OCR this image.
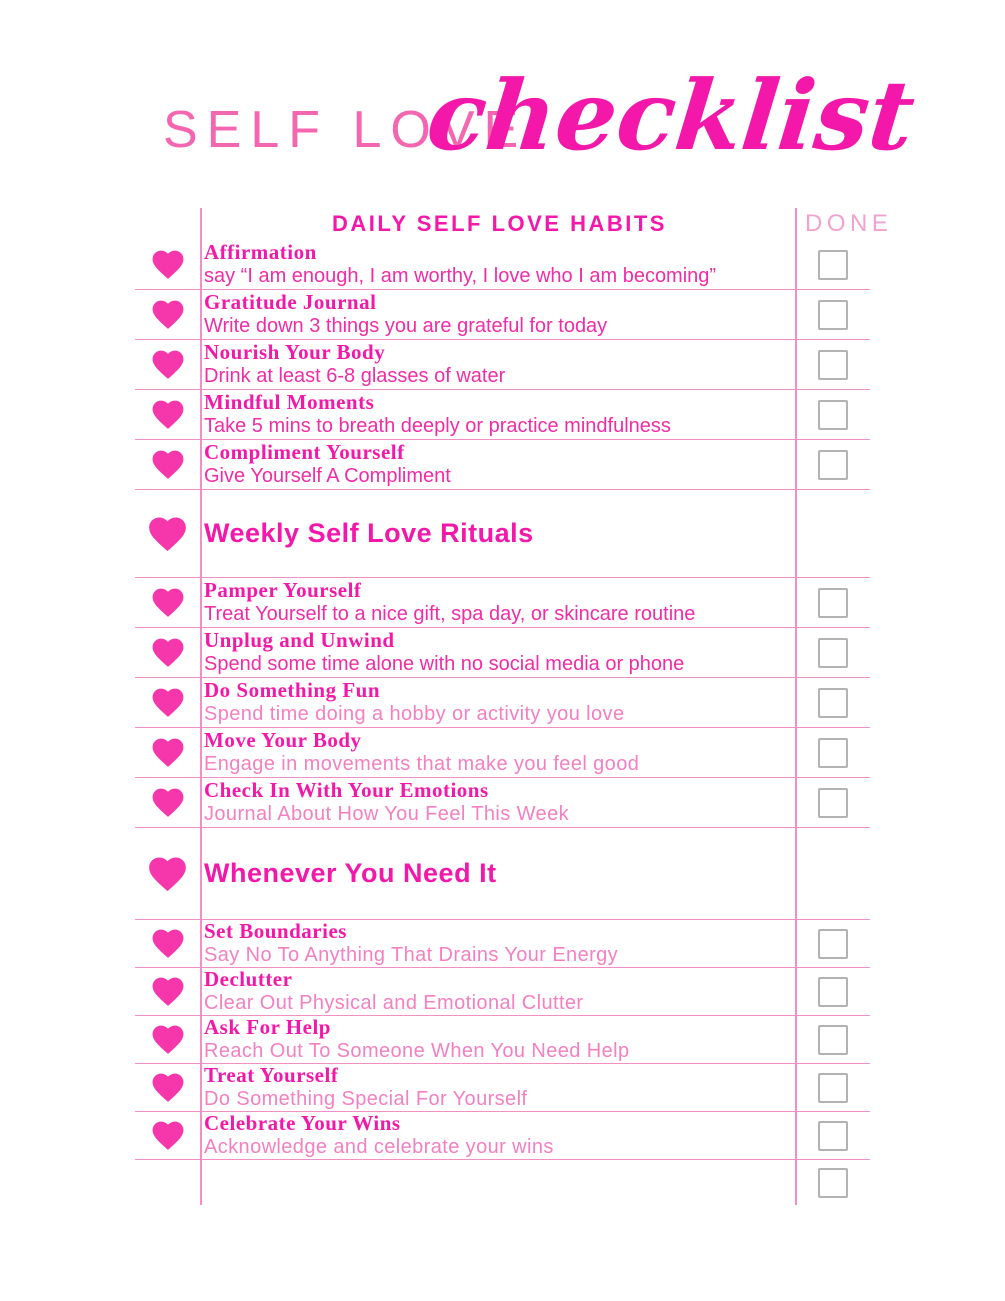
SELF LOVE
checklist
DAILY SELF LOVE HABITS	DONE
Affirmation
say “I am enough, I am worthy, I love who I am becoming”
Gratitude Journal
Write down 3 things you are grateful for today
Nourish Your Body
Drink at least 6-8 glasses of water
Mindful Moments
Take 5 mins to breath deeply or practice mindfulness
Compliment Yourself
Give Yourself A Compliment
Weekly Self Love Rituals
Pamper Yourself
Treat Yourself to a nice gift, spa day, or skincare routine
Unplug and Unwind
Spend some time alone with no social media or phone
Do Something Fun
Spend time doing a hobby or activity you love
Move Your Body
Engage in movements that make you feel good
Check In With Your Emotions
Journal About How You Feel This Week
Whenever You Need It
Set Boundaries
Say No To Anything That Drains Your Energy
Declutter
Clear Out Physical and Emotional Clutter
Ask For Help
Reach Out To Someone When You Need Help
Treat Yourself
Do Something Special For Yourself
Celebrate Your Wins
Acknowledge and celebrate your wins
